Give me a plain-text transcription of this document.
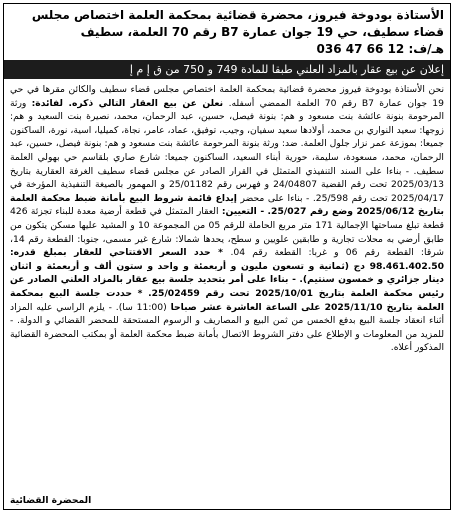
الأستاذة بودوخة فيروز، محضرة قضائية بمحكمة العلمة اختصاص مجلس
قضاء سطيف، حي 19 جوان عمارة B7 رقم 70 العلمة، سطيف
هـ/ف: 12 66 47 036
إعلان عن بيع عقار بالمزاد العلني طبقا للمادة 749 و 750 من ق إ م إ

نحن الأستاذة بودوخة فيروز محضرة قضائية بمحكمة العلمة اختصاص مجلس قضاء سطيف والكائن مقرها في حي 19 جوان عمارة B7 رقم 70 العلمة الممضي أسفله. نعلن عن بيع العقار التالي ذكره. لفائدة: ورثة المرحومة بنونة عائشة بنت مسعود و هم: بنونة فيصل، حسين، عبد الرحمان، محمد، نصيرة بنت السعيد و هم: زوجها: سعيد النواري بن محمد، أولادها سعيد سفيان، وجيب، توفيق، عماد، عامر، نجاة، كميليا، اسية، نورة، الساكنون جميعا: بموزعة عمر نزار جلول العلمة. ضد: ورثة بنونة المرحومة عائشة بنت مسعود و هم: بنونة فيصل، حسين، عبد الرحمان، محمد، مسعودة، سليمة، حورية أبناء السعيد، الساكنون جميعا: شارع صاري بلقاسم حي بهولي العلمة سطيف. - بناءا على السند التنفيذي المتمثل في القرار الصادر عن مجلس قضاء سطيف الغرفة العقارية بتاريخ 2025/03/13 تحت رقم القضية 24/04807 و فهرس رقم 25/01182 و المهمور بالصيغة التنفيذية المؤرخة في 2025/04/17 تحت رقم 25/598. - بناءا على محضر إيداع قائمة شروط البيع بأمانة ضبط محكمة العلمة بتاريخ 2025/06/12 وضع رقم 25/027. - التعيين: العقار المتمثل في قطعة أرضية معدة للبناء تجزئة 426 قطعة تبلغ مساحتها الإجمالية 171 متر مربع الحاملة للرقم 05 من المجموعة 10 و المشيد عليها مسكن يتكون من طابق أرضي به محلات تجارية و طابقين علويين و سطح، يحدها شمالا: شارع غير مسمى، جنوبا: القطعة رقم 14، شرقا: القطعة رقم 06 و غربا: القطعة رقم 04. * حدد السعر الافتتاحي للعقار بمبلغ قدره: 98.461.402.50 دج (ثمانية و تسعون مليون و أربعمئة و واحد و ستون ألف و أربعمئة و اثنان دينار جزائري و خمسون سنتيم). - بناءا على أمر بتحديد جلسة بيع عقار بالمزاد العلني الصادر عن رئيس محكمة العلمة بتاريخ 2025/10/01 تحت رقم 25/02459. * حددت جلسة البيع بمحكمة العلمة بتاريخ 2025/11/10 على الساعة العاشرة عشر صباحا (11:00 سا). - يلزم الراسي عليه المزاد أثناء انعقاد جلسة البيع بدفع الخمس من ثمن البيع و المصاريف و الرسوم المستحقة للمحضر القضائي و الدولة. - للمزيد من المعلومات و الإطلاع على دفتر الشروط الاتصال بأمانة ضبط محكمة العلمة أو بمكتب المحضرة القضائية المذكور أعلاه.

المحضرة القضائية
